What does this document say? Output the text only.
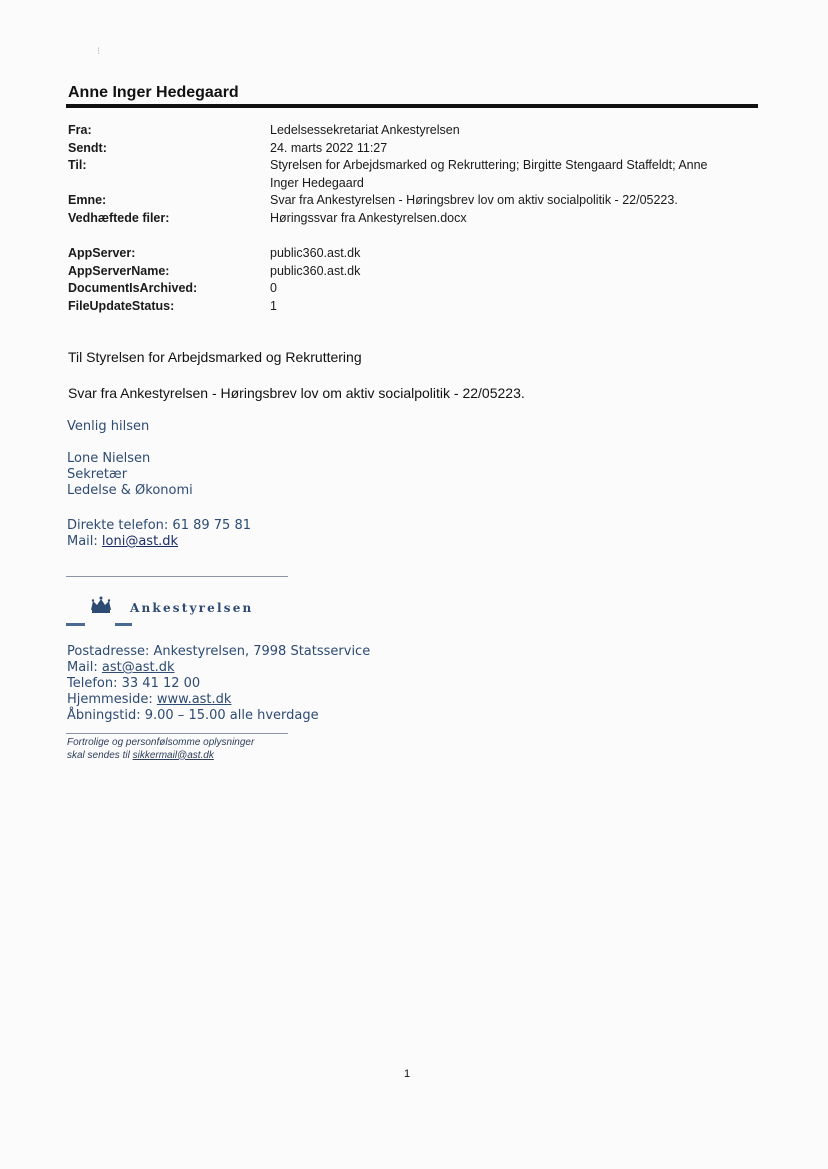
⁝
Anne Inger Hedegaard
Fra:	Ledelsessekretariat Ankestyrelsen
Sendt:	24. marts 2022 11:27
Til:	Styrelsen for Arbejdsmarked og Rekruttering; Birgitte Stengaard Staffeldt; Anne Inger Hedegaard
Emne:	Svar fra Ankestyrelsen - Høringsbrev lov om aktiv socialpolitik - 22/05223.
Vedhæftede filer:	Høringssvar fra Ankestyrelsen.docx
AppServer:	public360.ast.dk
AppServerName:	public360.ast.dk
DocumentIsArchived:	0
FileUpdateStatus:	1
Til Styrelsen for Arbejdsmarked og Rekruttering
Svar fra Ankestyrelsen - Høringsbrev lov om aktiv socialpolitik - 22/05223.
Venlig hilsen
Lone Nielsen
Sekretær
Ledelse & Økonomi
Direkte telefon: 61 89 75 81
Mail: loni@ast.dk
Ankestyrelsen
Postadresse: Ankestyrelsen, 7998 Statsservice
Mail: ast@ast.dk
Telefon: 33 41 12 00
Hjemmeside: www.ast.dk
Åbningstid: 9.00 – 15.00 alle hverdage
Fortrolige og personfølsomme oplysninger
skal sendes til sikkermail@ast.dk
1
